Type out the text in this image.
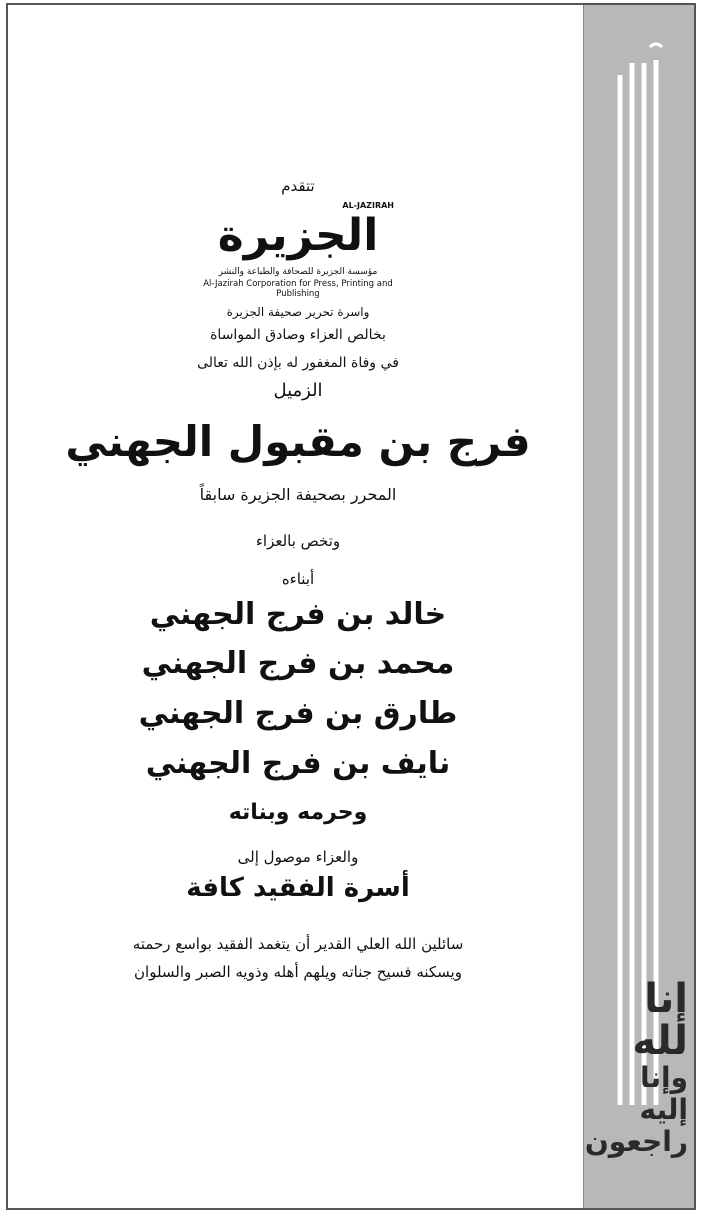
تتقدم
AL-JAZIRAH
الجزيرة
مؤسسة الجزيرة للصحافة والطباعة والنشر
Al-Jazirah Corporation for Press, Printing and Publishing
واسرة تحرير صحيفة الجزيرة
بخالص العزاء وصادق المواساة
في وفاة المغفور له بإذن الله تعالى
الزميل
فرج بن مقبول الجهني
المحرر بصحيفة الجزيرة سابقاً
وتخص بالعزاء
أبناءه
خالد بن فرج الجهني
محمد بن فرج الجهني
طارق بن فرج الجهني
نايف بن فرج الجهني
وحرمه وبناته
والعزاء موصول إلى
أسرة الفقيد كافة
سائلين الله العلي القدير أن يتغمد الفقيد بواسع رحمته
ويسكنه فسيح جناته ويلهم أهله وذويه الصبر والسلوان
إنا لله
وإنا إليه
راجعون
